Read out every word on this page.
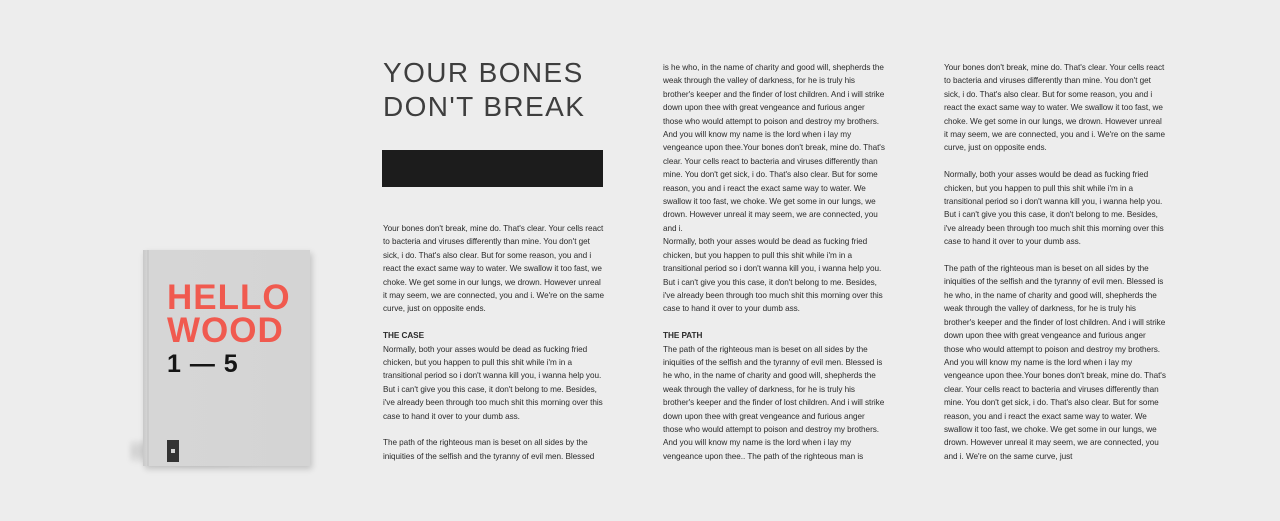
HELLO
WOOD
1 — 5
YOUR BONES
DON'T BREAK

Your bones don't break, mine do. That's clear. Your cells react to bacteria and viruses differently than mine. You don't get sick, i do. That's also clear. But for some reason, you and i react the exact same way to water. We swallow it too fast, we choke. We get some in our lungs, we drown. However unreal it may seem, we are connected, you and i. We're on the same curve, just on opposite ends.

THE CASE
Normally, both your asses would be dead as fucking fried chicken, but you happen to pull this shit while i'm in a transitional period so i don't wanna kill you, i wanna help you. But i can't give you this case, it don't belong to me. Besides, i've already been through too much shit this morning over this case to hand it over to your dumb ass.

The path of the righteous man is beset on all sides by the iniquities of the selfish and the tyranny of evil men. Blessed

is he who, in the name of charity and good will, shepherds the weak through the valley of darkness, for he is truly his brother's keeper and the finder of lost children. And i will strike down upon thee with great vengeance and furious anger those who would attempt to poison and destroy my brothers. And you will know my name is the lord when i lay my vengeance upon thee.Your bones don't break, mine do. That's clear. Your cells react to bacteria and viruses differently than mine. You don't get sick, i do. That's also clear. But for some reason, you and i react the exact same way to water. We swallow it too fast, we choke. We get some in our lungs, we drown. However unreal it may seem, we are connected, you and i.

Normally, both your asses would be dead as fucking fried chicken, but you happen to pull this shit while i'm in a transitional period so i don't wanna kill you, i wanna help you. But i can't give you this case, it don't belong to me. Besides, i've already been through too much shit this morning over this case to hand it over to your dumb ass.

THE PATH
The path of the righteous man is beset on all sides by the iniquities of the selfish and the tyranny of evil men. Blessed is he who, in the name of charity and good will, shepherds the weak through the valley of darkness, for he is truly his brother's keeper and the finder of lost children. And i will strike down upon thee with great vengeance and furious anger those who would attempt to poison and destroy my brothers. And you will know my name is the lord when i lay my vengeance upon thee.. The path of the righteous man is

Your bones don't break, mine do. That's clear. Your cells react to bacteria and viruses differently than mine. You don't get sick, i do. That's also clear. But for some reason, you and i react the exact same way to water. We swallow it too fast, we choke. We get some in our lungs, we drown. However unreal it may seem, we are connected, you and i. We're on the same curve, just on opposite ends.

Normally, both your asses would be dead as fucking fried chicken, but you happen to pull this shit while i'm in a transitional period so i don't wanna kill you, i wanna help you. But i can't give you this case, it don't belong to me. Besides, i've already been through too much shit this morning over this case to hand it over to your dumb ass.

The path of the righteous man is beset on all sides by the iniquities of the selfish and the tyranny of evil men. Blessed is he who, in the name of charity and good will, shepherds the weak through the valley of darkness, for he is truly his brother's keeper and the finder of lost children. And i will strike down upon thee with great vengeance and furious anger those who would attempt to poison and destroy my brothers. And you will know my name is the lord when i lay my vengeance upon thee.Your bones don't break, mine do. That's clear. Your cells react to bacteria and viruses differently than mine. You don't get sick, i do. That's also clear. But for some reason, you and i react the exact same way to water. We swallow it too fast, we choke. We get some in our lungs, we drown. However unreal it may seem, we are connected, you and i. We're on the same curve, just
